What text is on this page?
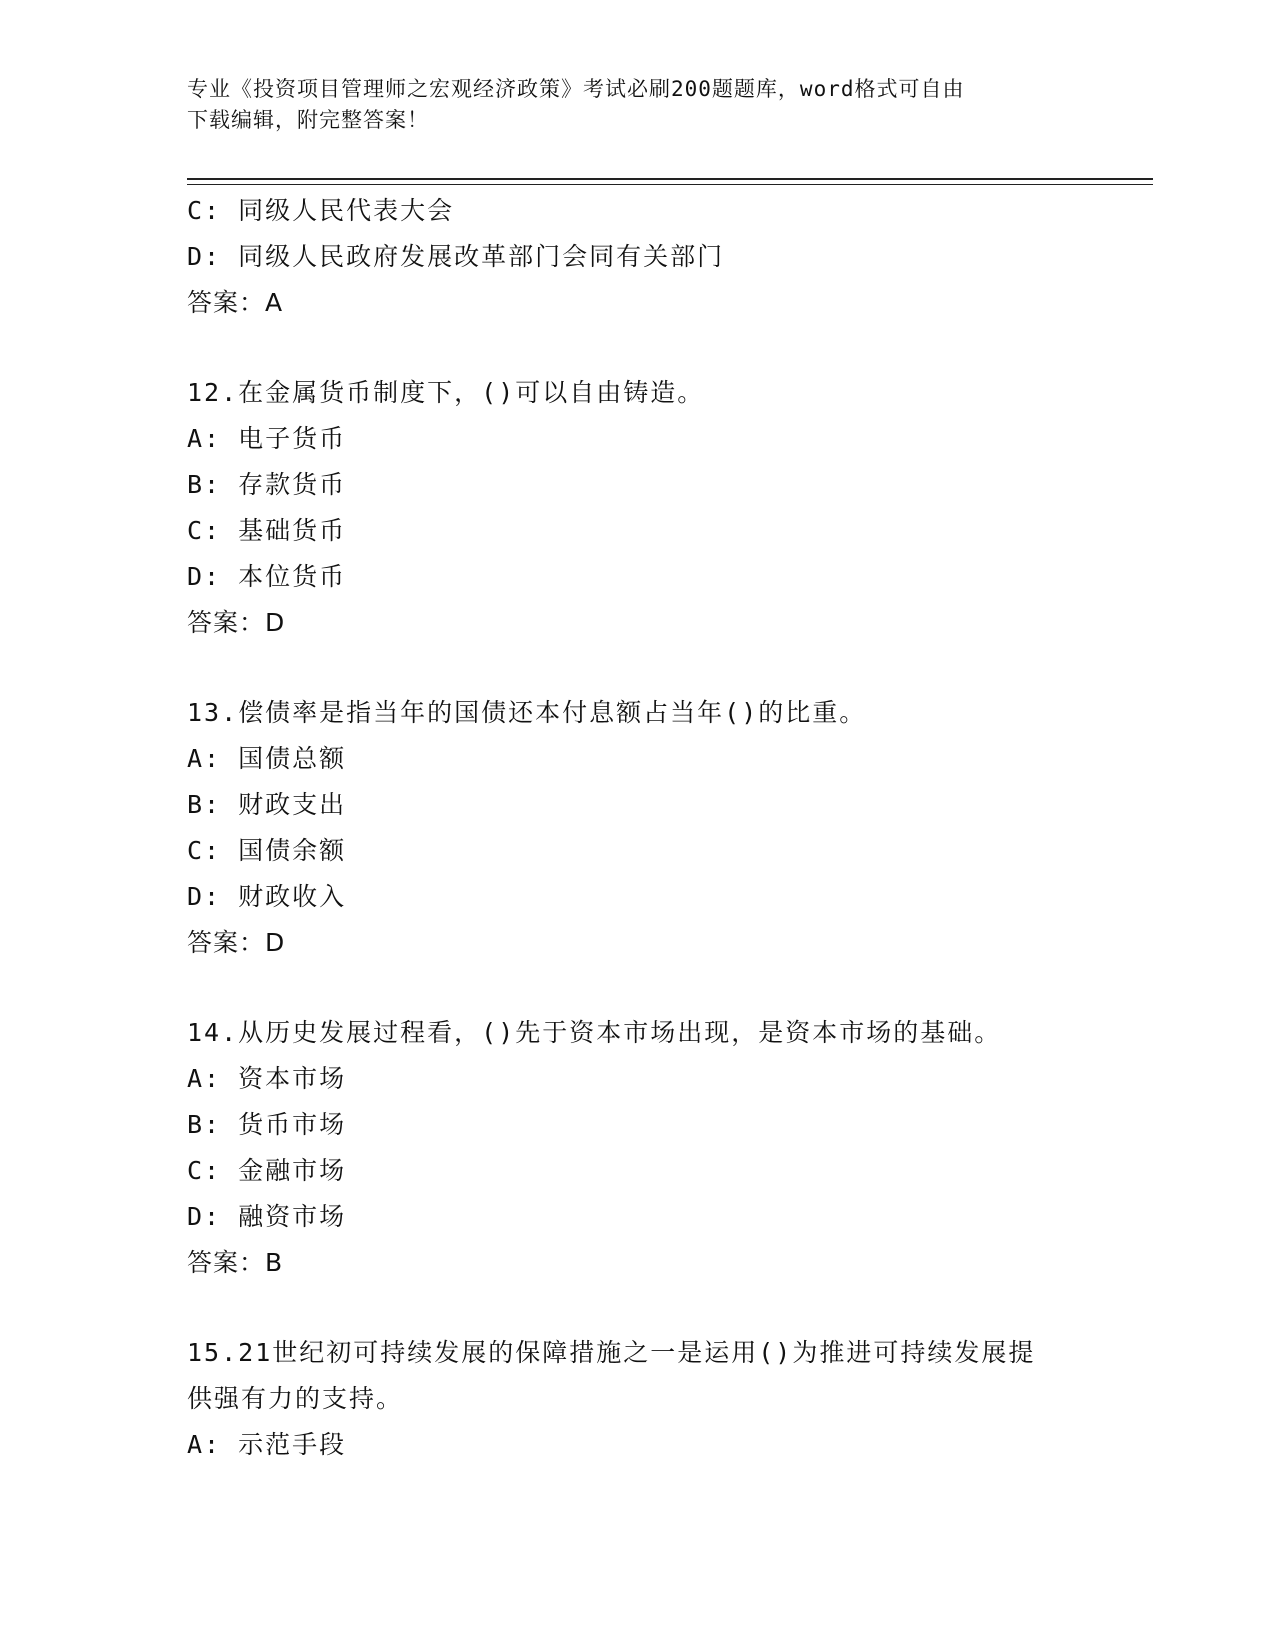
专业《投资项目管理师之宏观经济政策》考试必刷200题题库，word格式可自由
下载编辑，附完整答案！
C: 同级人民代表大会
D: 同级人民政府发展改革部门会同有关部门
答案：A
12.在金属货币制度下，()可以自由铸造。
A: 电子货币
B: 存款货币
C: 基础货币
D: 本位货币
答案：D
13.偿债率是指当年的国债还本付息额占当年()的比重。
A: 国债总额
B: 财政支出
C: 国债余额
D: 财政收入
答案：D
14.从历史发展过程看，()先于资本市场出现，是资本市场的基础。
A: 资本市场
B: 货币市场
C: 金融市场
D: 融资市场
答案：B
15.21世纪初可持续发展的保障措施之一是运用()为推进可持续发展提
供强有力的支持。
A: 示范手段
